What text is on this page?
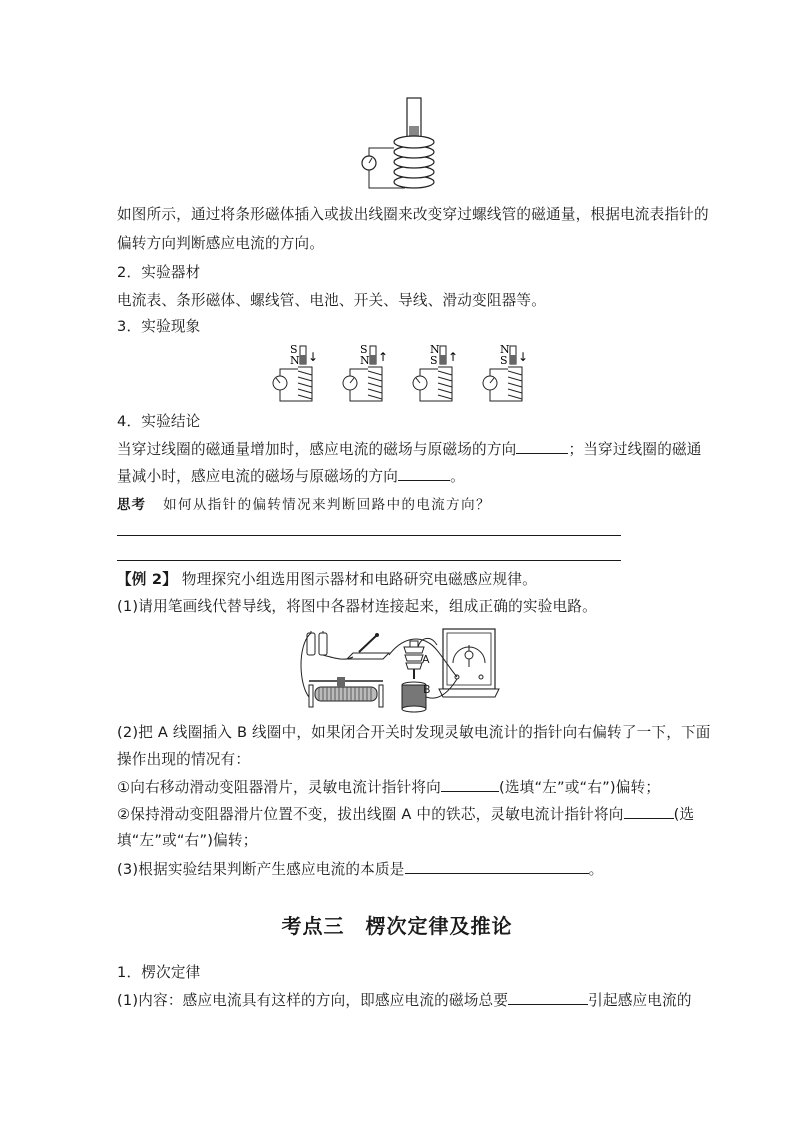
如图所示，通过将条形磁体插入或拔出线圈来改变穿过螺线管的磁通量，根据电流表指针的
偏转方向判断感应电流的方向。
2．实验器材
电流表、条形磁体、螺线管、电池、开关、导线、滑动变阻器等。
3．实验现象
S
N ↓
S
N ↑
N
S ↑
N
S ↓
4．实验结论
当穿过线圈的磁通量增加时，感应电流的磁场与原磁场的方向	；当穿过线圈的磁通
量减小时，感应电流的磁场与原磁场的方向	。
思考 如何从指针的偏转情况来判断回路中的电流方向？
【例 2】 物理探究小组选用图示器材和电路研究电磁感应规律。
(1)请用笔画线代替导线，将图中各器材连接起来，组成正确的实验电路。
A
B
(2)把 A 线圈插入 B 线圈中，如果闭合开关时发现灵敏电流计的指针向右偏转了一下，下面
操作出现的情况有：
①向右移动滑动变阻器滑片，灵敏电流计指针将向	(选填“左”或“右”)偏转；
②保持滑动变阻器滑片位置不变，拔出线圈 A 中的铁芯，灵敏电流计指针将向	(选
填“左”或“右”)偏转；
(3)根据实验结果判断产生感应电流的本质是	。
考点三　楞次定律及推论
1．楞次定律
(1)内容：感应电流具有这样的方向，即感应电流的磁场总要	引起感应电流的
